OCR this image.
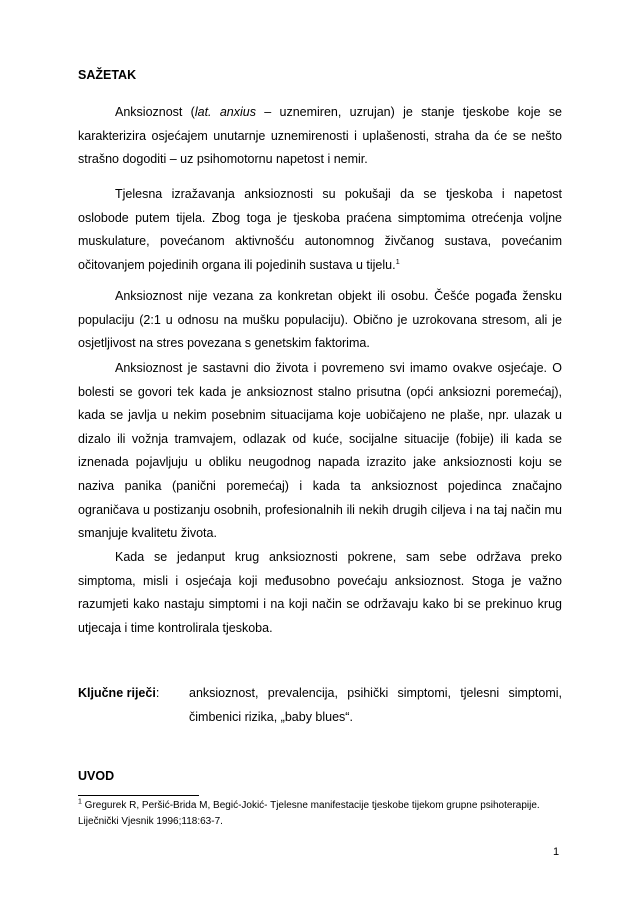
SAŽETAK

Anksioznost (lat. anxius – uznemiren, uzrujan) je stanje tjeskobe koje se karakterizira osjećajem unutarnje uznemirenosti i uplašenosti, straha da će se nešto strašno dogoditi – uz psihomotornu napetost i nemir.

Tjelesna izražavanja anksioznosti su pokušaji da se tjeskoba i napetost oslobode putem tijela. Zbog toga je tjeskoba praćena simptomima otrećenja voljne muskulature, povećanom aktivnošću autonomnog živčanog sustava, povećanim očitovanjem pojedinih organa ili pojedinih sustava u tijelu.$^1$

Anksioznost nije vezana za konkretan objekt ili osobu. Češće pogađa žensku populaciju (2:1 u odnosu na mušku populaciju). Obično je uzrokovana stresom, ali je osjetljivost na stres povezana s genetskim faktorima.

Anksioznost je sastavni dio života i povremeno svi imamo ovakve osjećaje. O bolesti se govori tek kada je anksioznost stalno prisutna (opći anksiozni poremećaj), kada se javlja u nekim posebnim situacijama koje uobičajeno ne plaše, npr. ulazak u dizalo ili vožnja tramvajem, odlazak od kuće, socijalne situacije (fobije) ili kada se iznenada pojavljuju u obliku neugodnog napada izrazito jake anksioznosti koju se naziva panika (panični poremećaj) i kada ta anksioznost pojedinca značajno ograničava u postizanju osobnih, profesionalnih ili nekih drugih ciljeva i na taj način mu smanjuje kvalitetu života.

Kada se jedanput krug anksioznosti pokrene, sam sebe održava preko simptoma, misli i osjećaja koji međusobno povećaju anksioznost. Stoga je važno razumjeti kako nastaju simptomi i na koji način se održavaju kako bi se prekinuo krug utjecaja i time kontrolirala tjeskoba.

Ključne riječi: anksioznost, prevalencija, psihički simptomi, tjelesni simptomi, čimbenici rizika, „baby blues“.

UVOD

$^1$ Gregurek R, Peršić-Brida M, Begić-Jokić- Tjelesne manifestacije tjeskobe tijekom grupne psihoterapije. Liječnički Vjesnik 1996;118:63-7.

1
